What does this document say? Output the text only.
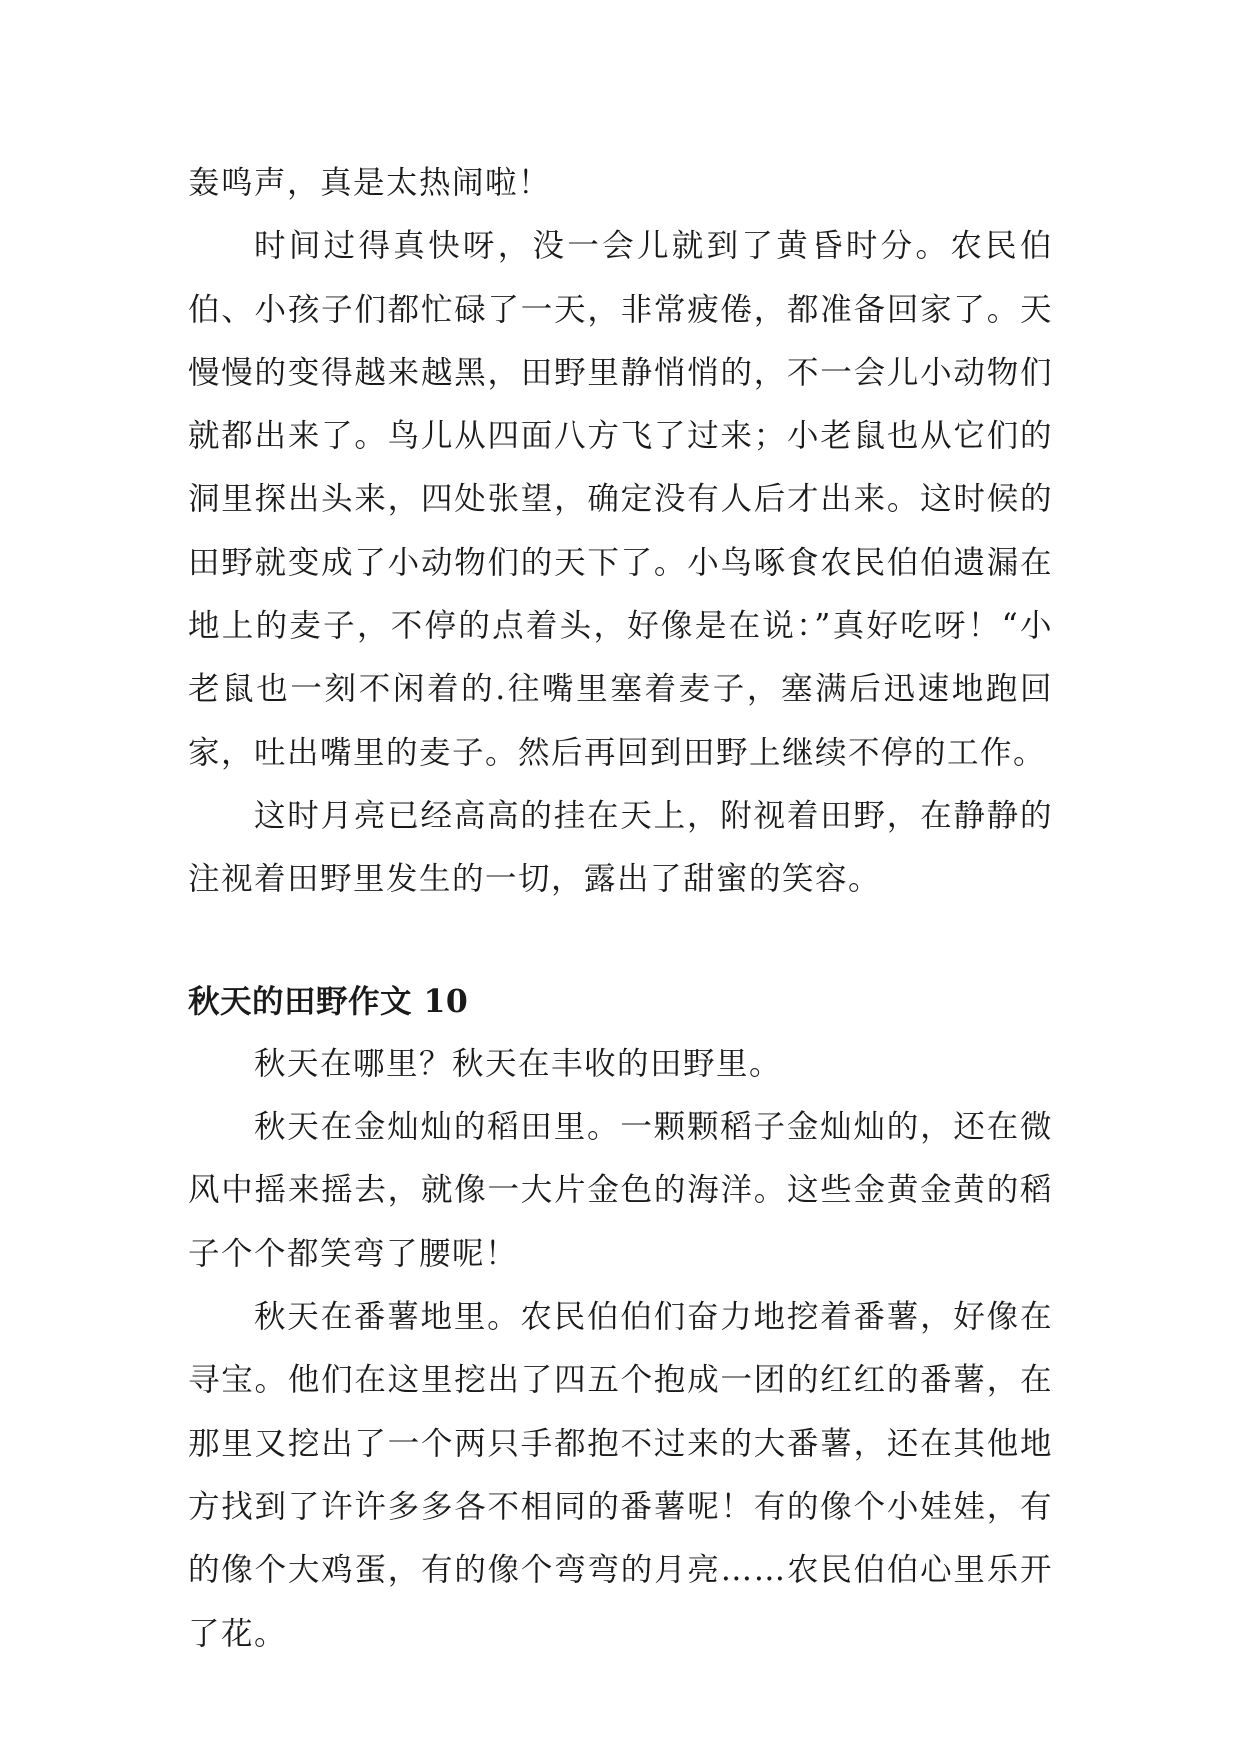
轰鸣声，真是太热闹啦！

时间过得真快呀，没一会儿就到了黄昏时分。农民伯伯、小孩子们都忙碌了一天，非常疲倦，都准备回家了。天慢慢的变得越来越黑，田野里静悄悄的，不一会儿小动物们就都出来了。鸟儿从四面八方飞了过来；小老鼠也从它们的洞里探出头来，四处张望，确定没有人后才出来。这时候的田野就变成了小动物们的天下了。小鸟啄食农民伯伯遗漏在地上的麦子，不停的点着头，好像是在说：”真好吃呀！“小老鼠也一刻不闲着的.往嘴里塞着麦子，塞满后迅速地跑回家，吐出嘴里的麦子。然后再回到田野上继续不停的工作。

这时月亮已经高高的挂在天上，附视着田野，在静静的注视着田野里发生的一切，露出了甜蜜的笑容。

秋天的田野作文 10

秋天在哪里？秋天在丰收的田野里。

秋天在金灿灿的稻田里。一颗颗稻子金灿灿的，还在微风中摇来摇去，就像一大片金色的海洋。这些金黄金黄的稻子个个都笑弯了腰呢！

秋天在番薯地里。农民伯伯们奋力地挖着番薯，好像在寻宝。他们在这里挖出了四五个抱成一团的红红的番薯，在那里又挖出了一个两只手都抱不过来的大番薯，还在其他地方找到了许许多多各不相同的番薯呢！有的像个小娃娃，有的像个大鸡蛋，有的像个弯弯的月亮……农民伯伯心里乐开了花。
